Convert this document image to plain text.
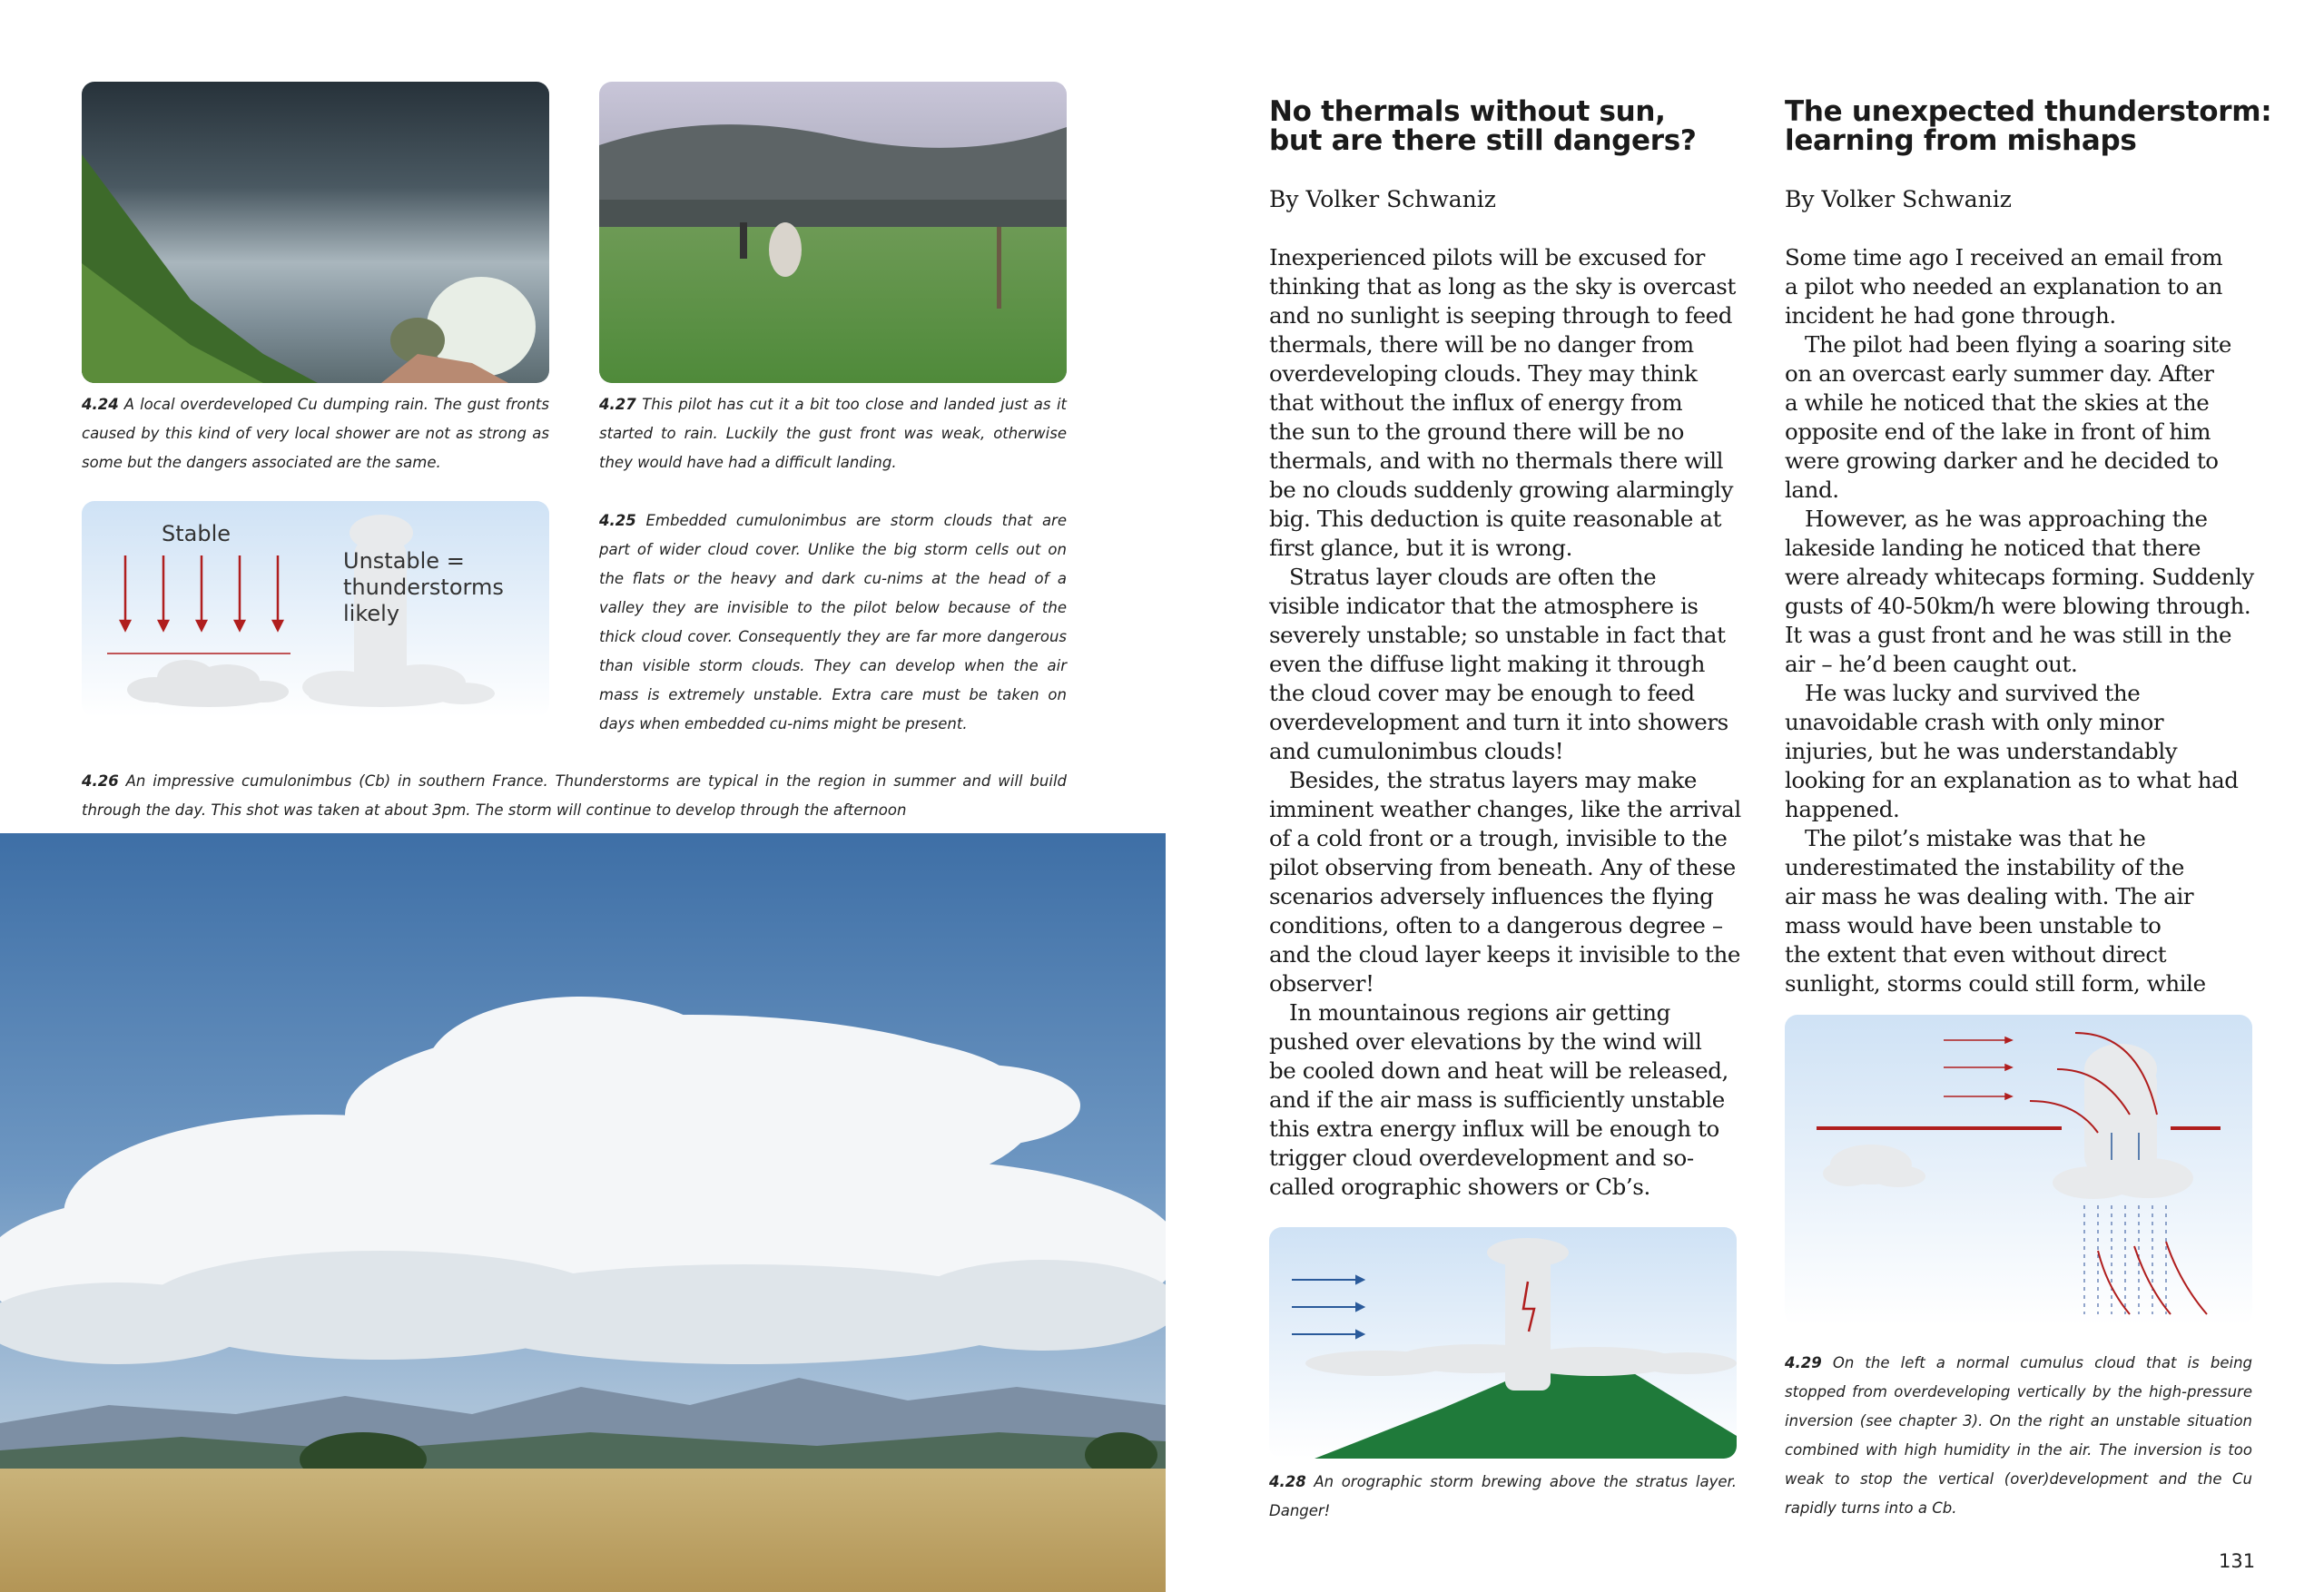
4.24 A local overdeveloped Cu dumping rain. The gust fronts caused by this kind of very local shower are not as strong as some but the dangers associated are the same.
4.27 This pilot has cut it a bit too close and landed just as it started to rain. Luckily the gust front was weak, otherwise they would have had a difficult landing.
Stable
Unstable =
thunderstorms
likely
4.25 Embedded cumulonimbus are storm clouds that are part of wider cloud cover. Unlike the big storm cells out on the flats or the heavy and dark cu-nims at the head of a valley they are invisible to the pilot below because of the thick cloud cover. Consequently they are far more dangerous than visible storm clouds. They can develop when the air mass is extremely unstable. Extra care must be taken on days when embedded cu-nims might be present.
4.26 An impressive cumulonimbus (Cb) in southern France. Thunderstorms are typical in the region in summer and will build through the day. This shot was taken at about 3pm. The storm will continue to develop through the afternoon
No thermals without sun,
but are there still dangers?
By Volker Schwaniz
Inexperienced pilots will be excused for
thinking that as long as the sky is overcast
and no sunlight is seeping through to feed
thermals, there will be no danger from
overdeveloping clouds. They may think
that without the influx of energy from
the sun to the ground there will be no
thermals, and with no thermals there will
be no clouds suddenly growing alarmingly
big. This deduction is quite reasonable at
first glance, but it is wrong.
Stratus layer clouds are often the
visible indicator that the atmosphere is
severely unstable; so unstable in fact that
even the diffuse light making it through
the cloud cover may be enough to feed
overdevelopment and turn it into showers
and cumulonimbus clouds!
Besides, the stratus layers may make
imminent weather changes, like the arrival
of a cold front or a trough, invisible to the
pilot observing from beneath. Any of these
scenarios adversely influences the flying
conditions, often to a dangerous degree –
and the cloud layer keeps it invisible to the
observer!
In mountainous regions air getting
pushed over elevations by the wind will
be cooled down and heat will be released,
and if the air mass is sufficiently unstable
this extra energy influx will be enough to
trigger cloud overdevelopment and so-
called orographic showers or Cb’s.
4.28 An orographic storm brewing above the stratus layer. Danger!
The unexpected thunderstorm:
learning from mishaps
By Volker Schwaniz
Some time ago I received an email from
a pilot who needed an explanation to an
incident he had gone through.
The pilot had been flying a soaring site
on an overcast early summer day. After
a while he noticed that the skies at the
opposite end of the lake in front of him
were growing darker and he decided to
land.
However, as he was approaching the
lakeside landing he noticed that there
were already whitecaps forming. Suddenly
gusts of 40-50km/h were blowing through.
It was a gust front and he was still in the
air – he’d been caught out.
He was lucky and survived the
unavoidable crash with only minor
injuries, but he was understandably
looking for an explanation as to what had
happened.
The pilot’s mistake was that he
underestimated the instability of the
air mass he was dealing with. The air
mass would have been unstable to
the extent that even without direct
sunlight, storms could still form, while
4.29 On the left a normal cumulus cloud that is being stopped from overdeveloping vertically by the high-pressure inversion (see chapter 3). On the right an unstable situation combined with high humidity in the air. The inversion is too weak to stop the vertical (over)development and the Cu rapidly turns into a Cb.
131
